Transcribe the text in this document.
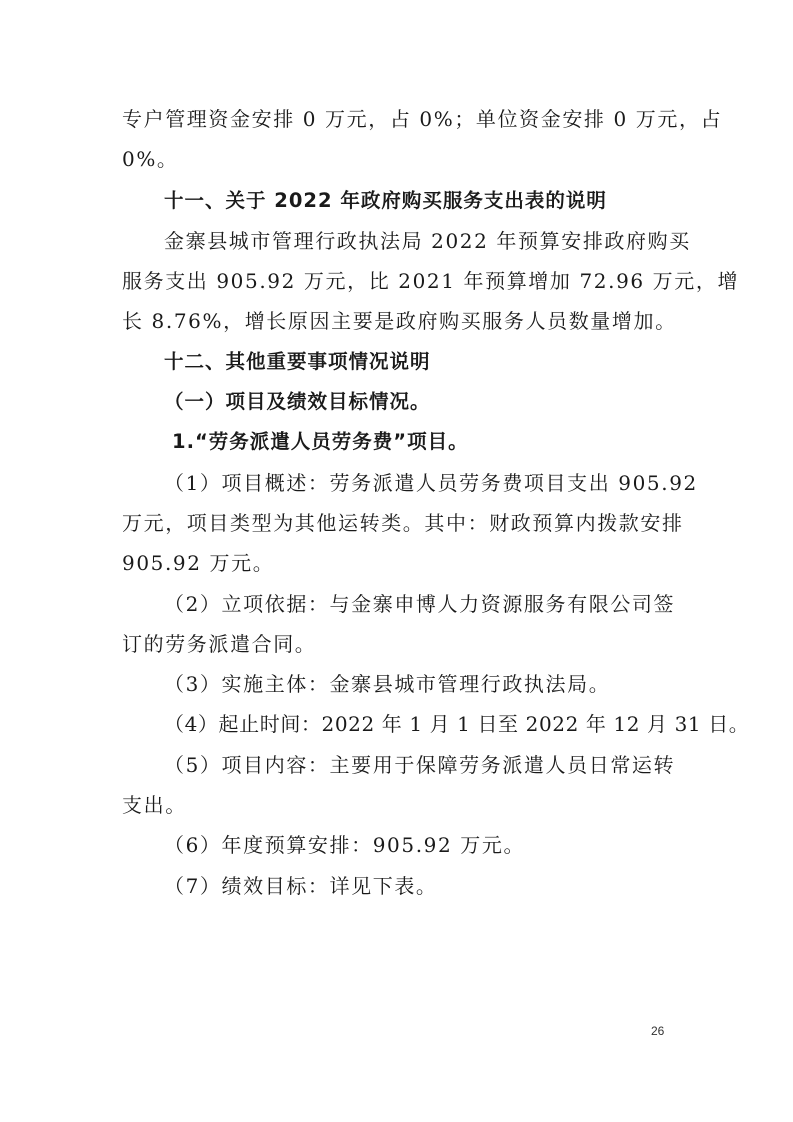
专户管理资金安排 0 万元，占 0%；单位资金安排 0 万元，占
0%。
十一、关于 2022 年政府购买服务支出表的说明
金寨县城市管理行政执法局 2022 年预算安排政府购买
服务支出 905.92 万元，比 2021 年预算增加 72.96 万元，增
长 8.76%，增长原因主要是政府购买服务人员数量增加。
十二、其他重要事项情况说明
（一）项目及绩效目标情况。
1.“劳务派遣人员劳务费”项目。
（1）项目概述：劳务派遣人员劳务费项目支出 905.92
万元，项目类型为其他运转类。其中：财政预算内拨款安排
905.92 万元。
（2）立项依据：与金寨申博人力资源服务有限公司签
订的劳务派遣合同。
（3）实施主体：金寨县城市管理行政执法局。
（4）起止时间：2022 年 1 月 1 日至 2022 年 12 月 31 日。
（5）项目内容：主要用于保障劳务派遣人员日常运转
支出。
（6）年度预算安排：905.92 万元。
（7）绩效目标：详见下表。
26
